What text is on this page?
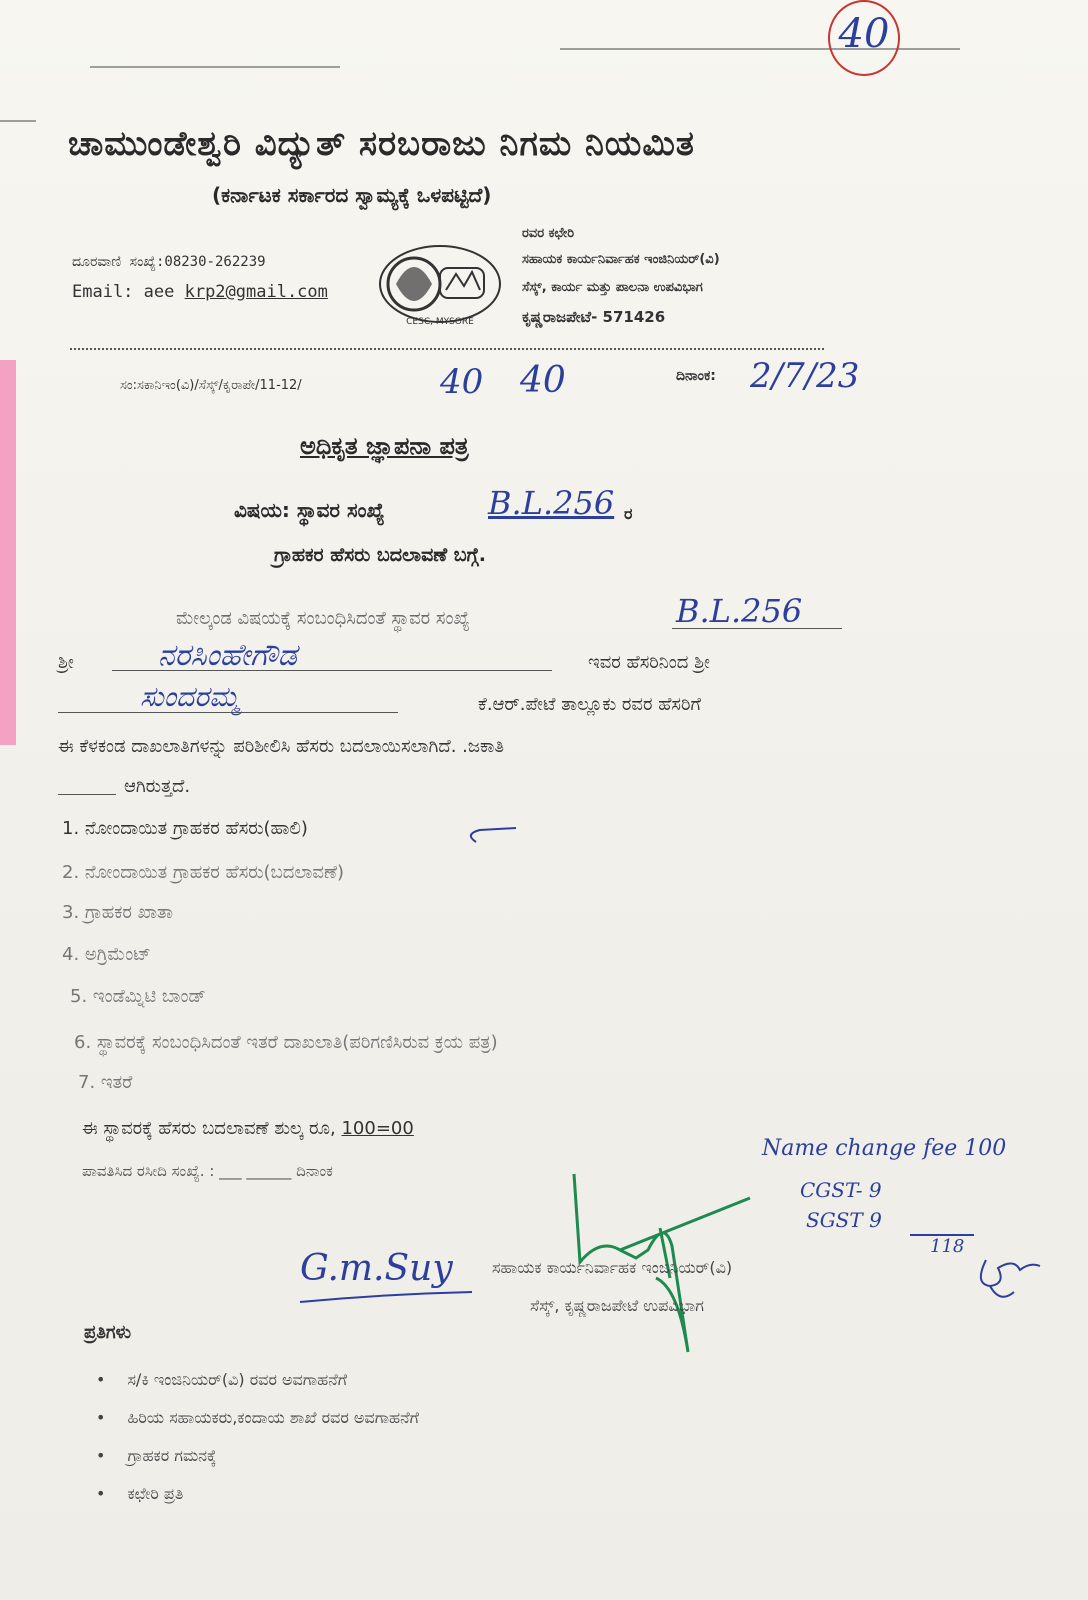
40
ಚಾಮುಂಡೇಶ್ವರಿ ವಿದ್ಯುತ್ ಸರಬರಾಜು ನಿಗಮ ನಿಯಮಿತ
(ಕರ್ನಾಟಕ ಸರ್ಕಾರದ ಸ್ವಾಮ್ಯಕ್ಕೆ ಒಳಪಟ್ಟಿದೆ)
ದೂರವಾಣಿ ಸಂಖ್ಯೆ:08230-262239
Email: aee krp2@gmail.com
CESC, MYSORE
ರವರ ಕಛೇರಿ
ಸಹಾಯಕ ಕಾರ್ಯನಿರ್ವಾಹಕ ಇಂಜಿನಿಯರ್(ವಿ)
ಸೆಸ್ಕ್, ಕಾರ್ಯ ಮತ್ತು ಪಾಲನಾ ಉಪವಿಭಾಗ
ಕೃಷ್ಣರಾಜಪೇಟೆ- 571426
ಸಂ:ಸಕಾನಿಇಂ(ವಿ)/ಸೆಸ್ಕ್/ಕೃರಾಪೇ/11-12/	40 40	ದಿನಾಂಕ: 2/7/23
ಅಧಿಕೃತ ಜ್ಞಾಪನಾ ಪತ್ರ
ವಿಷಯ: ಸ್ಥಾವರ ಸಂಖ್ಯೆ	B.L.256 ರ
ಗ್ರಾಹಕರ ಹೆಸರು ಬದಲಾವಣೆ ಬಗ್ಗೆ.
ಮೇಲ್ಕಂಡ ವಿಷಯಕ್ಕೆ ಸಂಬಂಧಿಸಿದಂತೆ ಸ್ಥಾವರ ಸಂಖ್ಯೆ	B.L.256
ಶ್ರೀ	ನರಸಿಂಹೇಗೌಡ	ಇವರ ಹೆಸರಿನಿಂದ ಶ್ರೀ
ಸುಂದರಮ್ಮ	ಕೆ.ಆರ್.ಪೇಟೆ ತಾಲ್ಲೂಕು ರವರ ಹೆಸರಿಗೆ
ಈ ಕೆಳಕಂಡ ದಾಖಲಾತಿಗಳನ್ನು ಪರಿಶೀಲಿಸಿ ಹೆಸರು ಬದಲಾಯಿಸಲಾಗಿದೆ. .ಜಕಾತಿ
ಆಗಿರುತ್ತದೆ.
1. ನೋಂದಾಯಿತ ಗ್ರಾಹಕರ ಹೆಸರು(ಹಾಲಿ)
2. ನೋಂದಾಯಿತ ಗ್ರಾಹಕರ ಹೆಸರು(ಬದಲಾವಣೆ)
3. ಗ್ರಾಹಕರ ಖಾತಾ
4. ಅಗ್ರಿಮೆಂಟ್
5. ಇಂಡೆಮ್ನಿಟಿ ಬಾಂಡ್
6. ಸ್ಥಾವರಕ್ಕೆ ಸಂಬಂಧಿಸಿದಂತೆ ಇತರೆ ದಾಖಲಾತಿ(ಪರಿಗಣಿಸಿರುವ ಕ್ರಯ ಪತ್ರ)
7. ಇತರೆ
ಈ ಸ್ಥಾವರಕ್ಕೆ ಹೆಸರು ಬದಲಾವಣೆ ಶುಲ್ಕ ರೂ, 100=00
ಪಾವತಿಸಿದ ರಸೀದಿ ಸಂಖ್ಯೆ. : ___ ______ ದಿನಾಂಕ
Name change fee 100
CGST- 9
SGST 9
118
G.m.Suy ಸಹಾಯಕ ಕಾರ್ಯನಿರ್ವಾಹಕ ಇಂಜಿನಿಯರ್(ವಿ)
ಸೆಸ್ಕ್, ಕೃಷ್ಣರಾಜಪೇಟೆ ಉಪವಿಭಾಗ
ಪ್ರತಿಗಳು
• ಸ/ಕಿ ಇಂಜಿನಿಯರ್(ವಿ) ರವರ ಅವಗಾಹನೆಗೆ
• ಹಿರಿಯ ಸಹಾಯಕರು,ಕಂದಾಯ ಶಾಖೆ ರವರ ಅವಗಾಹನೆಗೆ
• ಗ್ರಾಹಕರ ಗಮನಕ್ಕೆ
• ಕಛೇರಿ ಪ್ರತಿ
